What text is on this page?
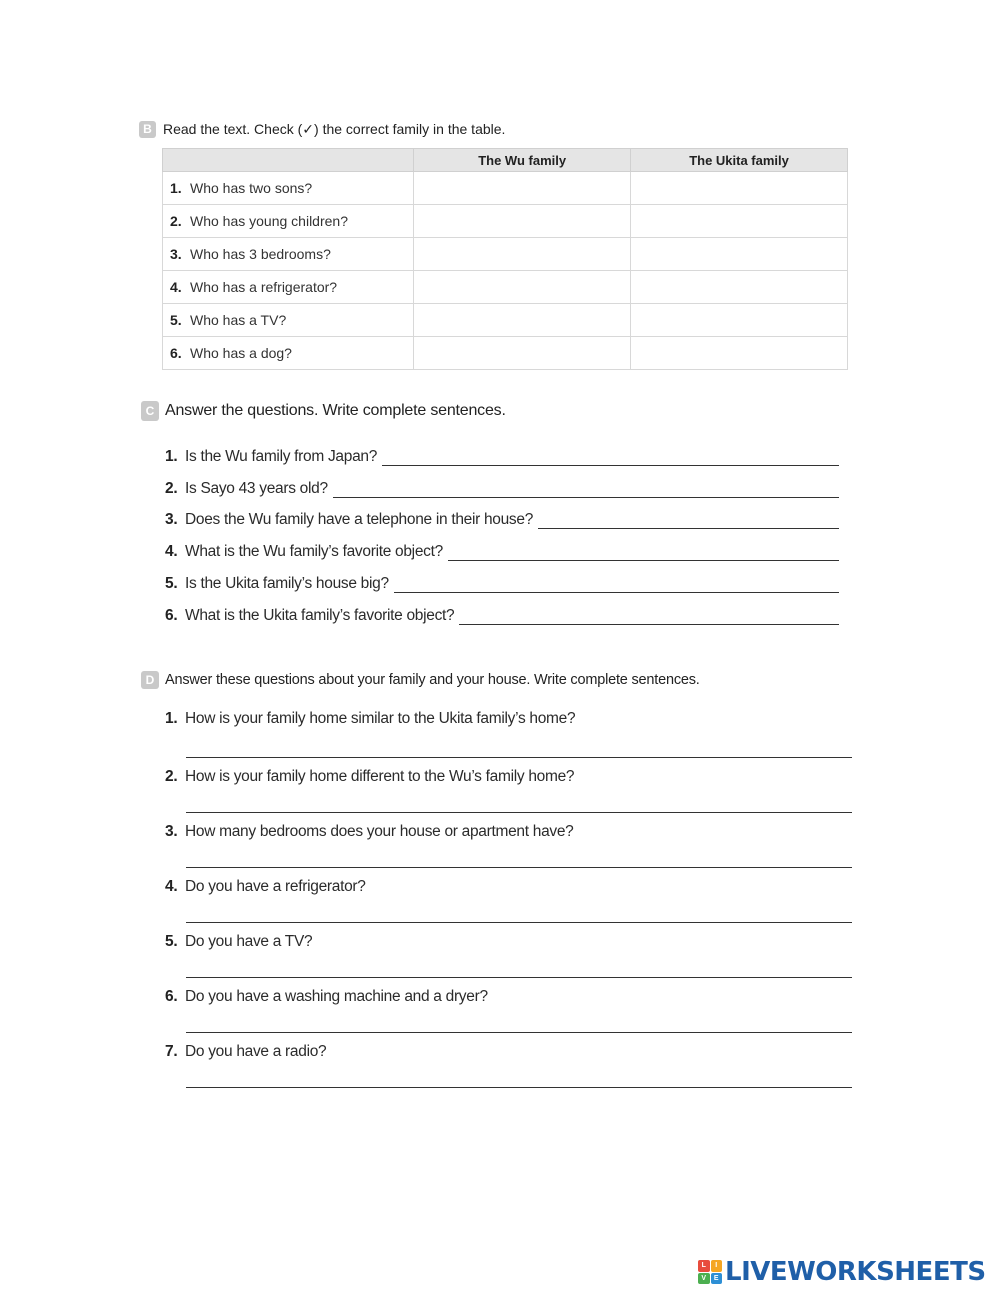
B Read the text. Check (✓) the correct family in the table.
	The Wu family	The Ukita family
1. Who has two sons?		
2. Who has young children?		
3. Who has 3 bedrooms?		
4. Who has a refrigerator?		
5. Who has a TV?		
6. Who has a dog?		
C Answer the questions. Write complete sentences.
1. Is the Wu family from Japan?
2. Is Sayo 43 years old?
3. Does the Wu family have a telephone in their house?
4. What is the Wu family’s favorite object?
5. Is the Ukita family’s house big?
6. What is the Ukita family’s favorite object?
D Answer these questions about your family and your house. Write complete sentences.
1. How is your family home similar to the Ukita family’s home?
2. How is your family home different to the Wu’s family home?
3. How many bedrooms does your house or apartment have?
4. Do you have a refrigerator?
5. Do you have a TV?
6. Do you have a washing machine and a dryer?
7. Do you have a radio?
L	I
V	E LIVEWORKSHEETS
